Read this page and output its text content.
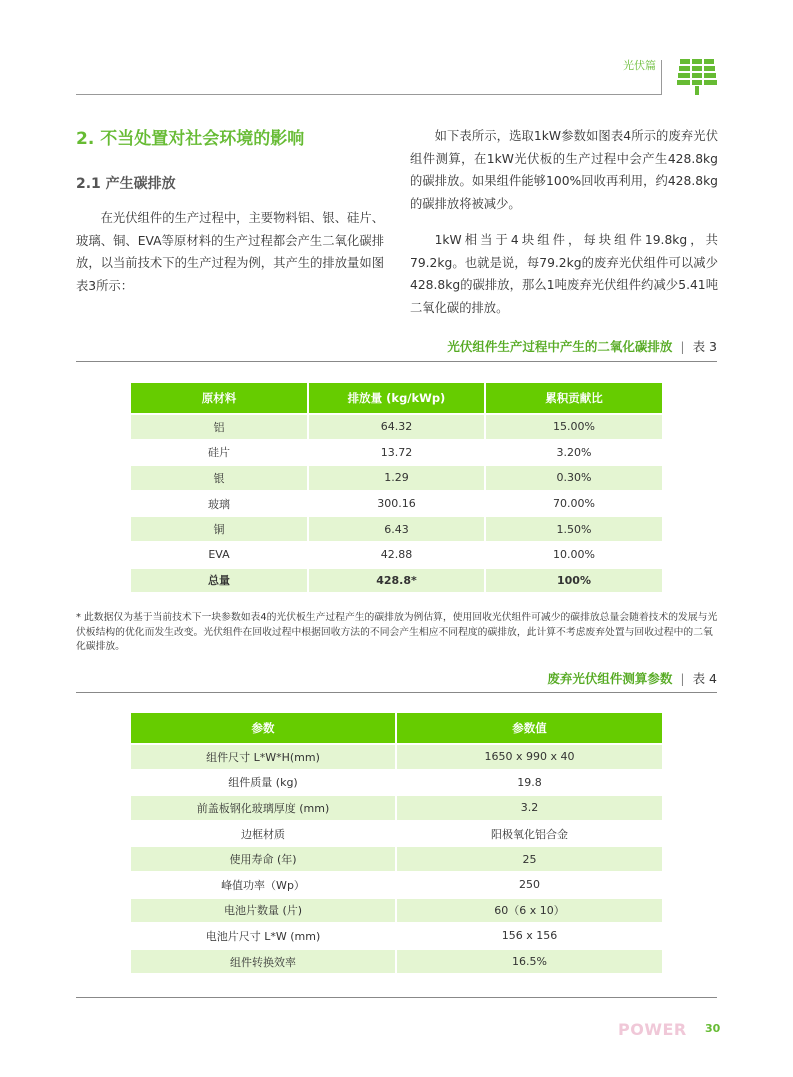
光伏篇
2. 不当处置对社会环境的影响
2.1 产生碳排放

在光伏组件的生产过程中，主要物料铝、银、硅片、玻璃、铜、EVA等原材料的生产过程都会产生二氧化碳排放，以当前技术下的生产过程为例，其产生的排放量如图表3所示：

如下表所示，选取1kW参数如图表4所示的废弃光伏组件测算，在1kW光伏板的生产过程中会产生428.8kg的碳排放。如果组件能够100%回收再利用，约428.8kg的碳排放将被减少。

1kW相当于4块组件，每块组件19.8kg，共79.2kg。也就是说，每79.2kg的废弃光伏组件可以减少428.8kg的碳排放，那么1吨废弃光伏组件约减少5.41吨二氧化碳的排放。

光伏组件生产过程中产生的二氧化碳排放 | 表 3
原材料	排放量 (kg/kWp)	累积贡献比
铝	64.32	15.00%
硅片	13.72	3.20%
银	1.29	0.30%
玻璃	300.16	70.00%
铜	6.43	1.50%
EVA	42.88	10.00%
总量	428.8*	100%
* 此数据仅为基于当前技术下一块参数如表4的光伏板生产过程产生的碳排放为例估算，使用回收光伏组件可减少的碳排放总量会随着技术的发展与光伏板结构的优化而发生改变。光伏组件在回收过程中根据回收方法的不同会产生相应不同程度的碳排放，此计算不考虑废弃处置与回收过程中的二氧化碳排放。
废弃光伏组件测算参数 | 表 4
参数	参数值
组件尺寸 L*W*H(mm)	1650 x 990 x 40
组件质量 (kg)	19.8
前盖板钢化玻璃厚度 (mm)	3.2
边框材质	阳极氧化铝合金
使用寿命 (年)	25
峰值功率（Wp）	250
电池片数量 (片)	60（6 x 10）
电池片尺寸 L*W (mm)	156 x 156
组件转换效率	16.5%
POWER 30
